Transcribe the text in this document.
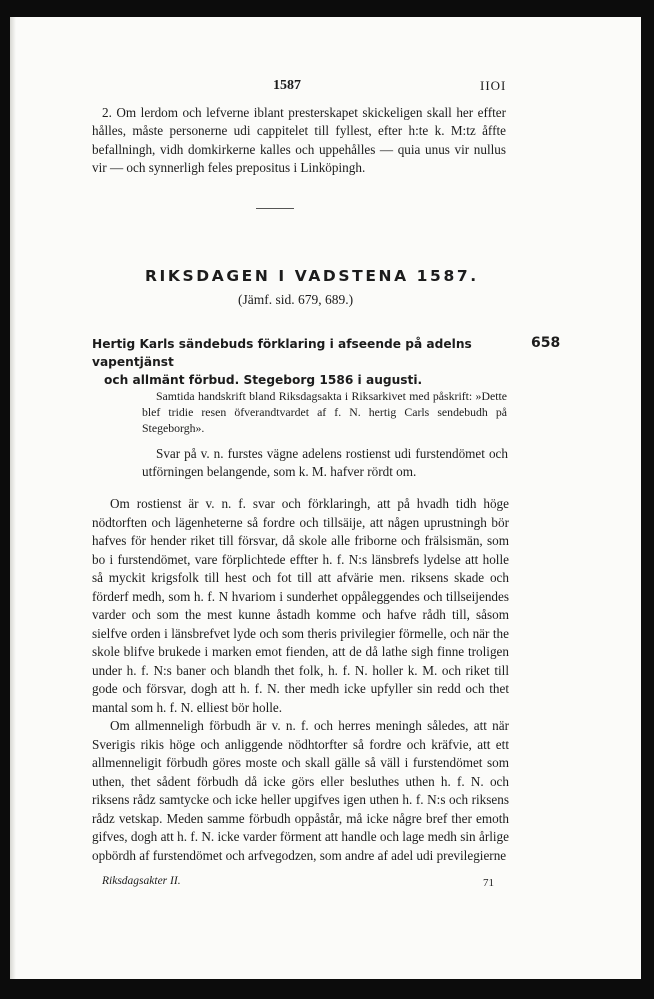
1587	IIOI
2. Om lerdom och lefverne iblant presterskapet skickeligen skall her effter hålles, måste personerne udi cappitelet till fyllest, efter h:te k. M:tz åffte befallningh, vidh domkirkerne kalles och uppehålles — quia unus vir nullus vir — och synnerligh feles prepositus i Linköpingh.
RIKSDAGEN I VADSTENA 1587.
(Jämf. sid. 679, 689.)
Hertig Karls sändebuds förklaring i afseende på adelns vapentjänst
och allmänt förbud. Stegeborg 1586 i augusti.
658
Samtida handskrift bland Riksdagsakta i Riksarkivet med påskrift: »Dette blef tridie resen öfverandtvardet af f. N. hertig Carls sendebudh på Stegeborgh».
Svar på v. n. furstes vägne adelens rostienst udi furstendömet och utförningen belangende, som k. M. hafver rördt om.

Om rostienst är v. n. f. svar och förklaringh, att på hvadh tidh höge nödtorften och lägenheterne så fordre och tillsäije, att någen uprustningh bör hafves för hender riket till försvar, då skole alle friborne och frälsismän, som bo i furstendömet, vare förplichtede effter h. f. N:s länsbrefs lydelse att holle så myckit krigsfolk till hest och fot till att afvärie men. riksens skade och förderf medh, som h. f. N hvariom i sunderhet oppåleggendes och tillseijendes varder och som the mest kunne åstadh komme och hafve rådh till, såsom sielfve orden i länsbrefvet lyde och som theris privilegier förmelle, och när the skole blifve brukede i marken emot fienden, att de då lathe sigh finne troligen under h. f. N:s baner och blandh thet folk, h. f. N. holler k. M. och riket till gode och försvar, dogh att h. f. N. ther medh icke upfyller sin redd och thet mantal som h. f. N. elliest bör holle.

Om allmenneligh förbudh är v. n. f. och herres meningh således, att när Sverigis rikis höge och anliggende nödhtorfter så fordre och kräfvie, att ett allmenneligit förbudh göres moste och skall gälle så väll i furstendömet som uthen, thet sådent förbudh då icke görs eller besluthes uthen h. f. N. och riksens rådz samtycke och icke heller upgifves igen uthen h. f. N:s och riksens rådz vetskap. Meden samme förbudh oppåstår, må icke någre bref ther emoth gifves, dogh att h. f. N. icke varder förment att handle och lage medh sin årlige opbördh af furstendömet och arfvegodzen, som andre af adel udi previlegierne

Riksdagsakter II.	71
